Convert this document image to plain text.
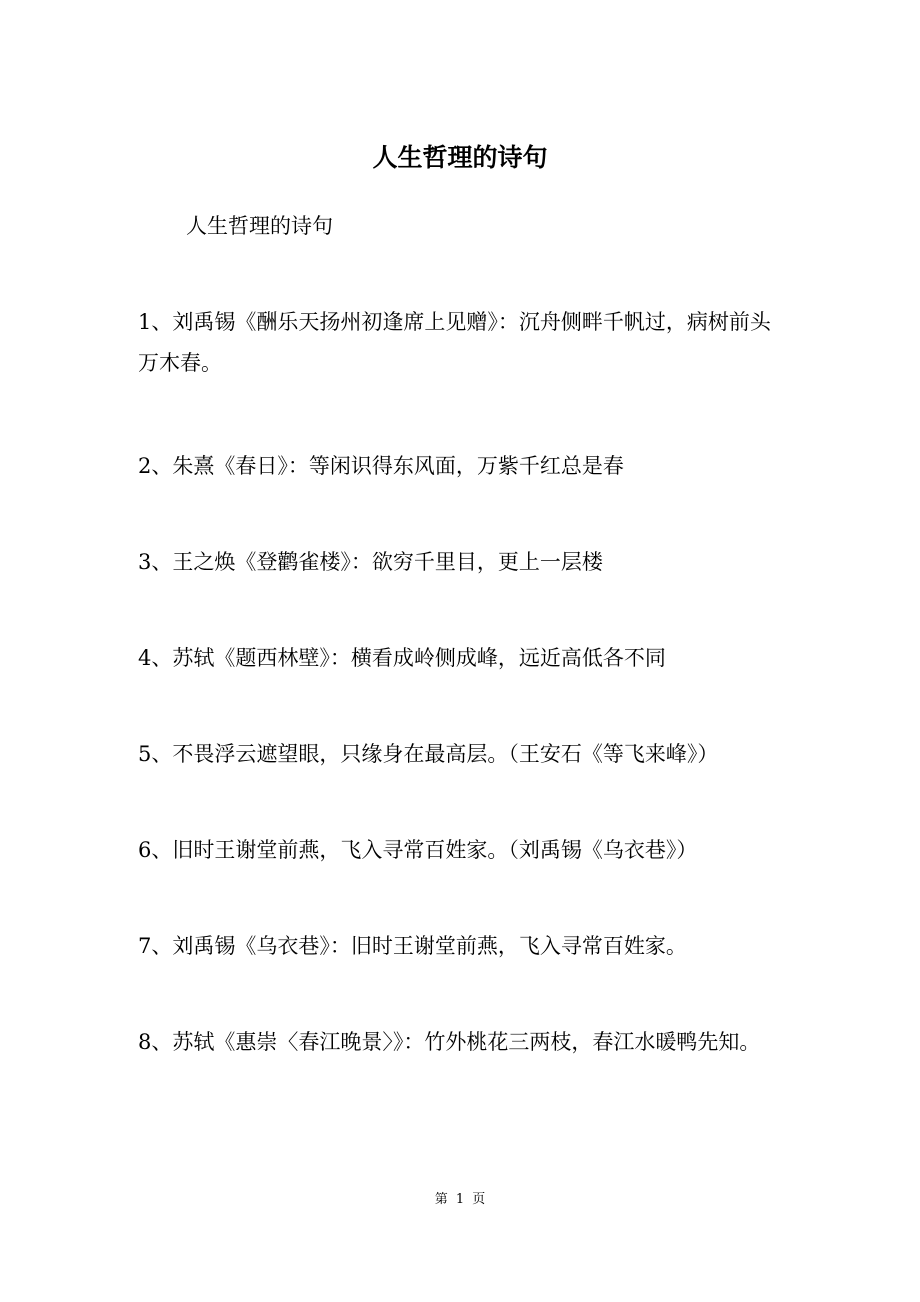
人生哲理的诗句

人生哲理的诗句

1、刘禹锡《酬乐天扬州初逢席上见赠》：沉舟侧畔千帆过，病树前头万木春。

2、朱熹《春日》：等闲识得东风面，万紫千红总是春

3、王之焕《登鹳雀楼》：欲穷千里目，更上一层楼

4、苏轼《题西林壁》：横看成岭侧成峰，远近高低各不同

5、不畏浮云遮望眼，只缘身在最高层。（王安石《等飞来峰》）

6、旧时王谢堂前燕，飞入寻常百姓家。（刘禹锡《乌衣巷》）

7、刘禹锡《乌衣巷》：旧时王谢堂前燕，飞入寻常百姓家。

8、苏轼《惠崇〈春江晚景〉》：竹外桃花三两枝，春江水暖鸭先知。

第 1 页
